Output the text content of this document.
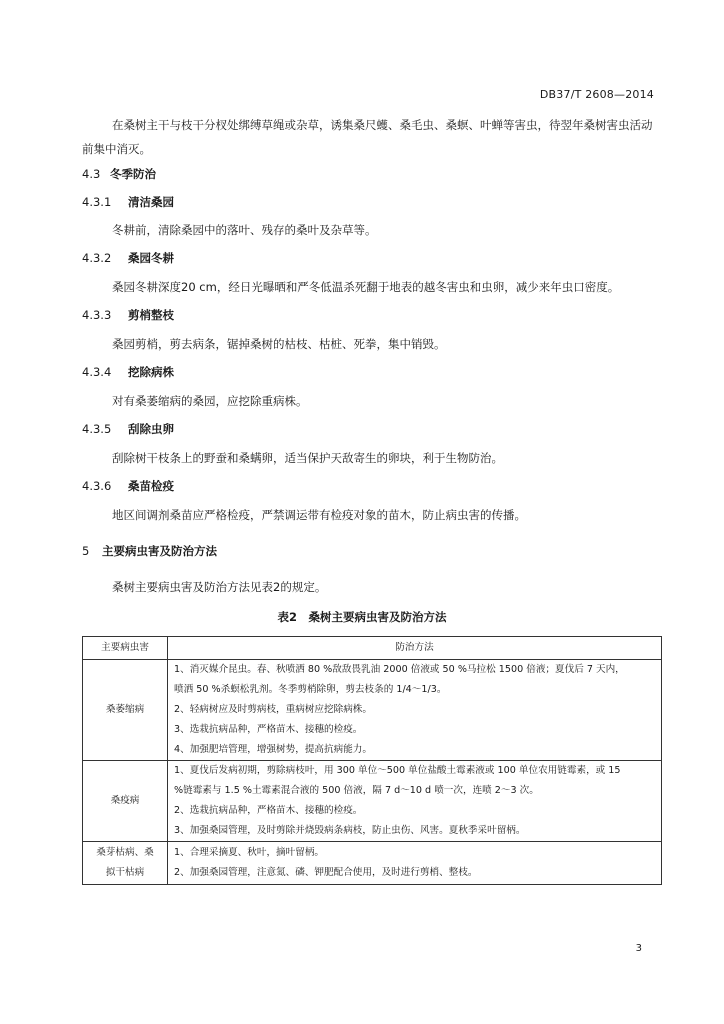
DB37/T 2608—2014
在桑树主干与枝干分杈处绑缚草绳或杂草，诱集桑尺蠖、桑毛虫、桑螟、叶蝉等害虫，待翌年桑树害虫活动前集中消灭。
4.3 冬季防治
4.3.1 清洁桑园
冬耕前，清除桑园中的落叶、残存的桑叶及杂草等。
4.3.2 桑园冬耕
桑园冬耕深度20 cm，经日光曝晒和严冬低温杀死翻于地表的越冬害虫和虫卵，减少来年虫口密度。
4.3.3 剪梢整枝
桑园剪梢，剪去病条，锯掉桑树的枯枝、枯桩、死拳，集中销毁。
4.3.4 挖除病株
对有桑萎缩病的桑园，应挖除重病株。
4.3.5 刮除虫卵
刮除树干枝条上的野蚕和桑螨卵，适当保护天敌寄生的卵块，利于生物防治。
4.3.6 桑苗检疫
地区间调剂桑苗应严格检疫，严禁调运带有检疫对象的苗木，防止病虫害的传播。
5 主要病虫害及防治方法
桑树主要病虫害及防治方法见表2的规定。
表2　桑树主要病虫害及防治方法
主要病虫害	防治方法
桑萎缩病	1、消灭媒介昆虫。春、秋喷洒 80 %敌敌畏乳油 2000 倍液或 50 %马拉松 1500 倍液；夏伐后 7 天内，
喷洒 50 %杀螟松乳剂。冬季剪梢除卵，剪去枝条的 1/4～1/3。
2、轻病树应及时剪病枝，重病树应挖除病株。
3、选栽抗病品种，严格苗木、接穗的检疫。
4、加强肥培管理，增强树势，提高抗病能力。

桑疫病	1、夏伐后发病初期，剪除病枝叶，用 300 单位～500 单位盐酸土霉素液或 100 单位农用链霉素，或 15
%链霉素与 1.5 %土霉素混合液的 500 倍液，隔 7 d～10 d 喷一次，连喷 2～3 次。
2、选栽抗病品种，严格苗木、接穗的检疫。
3、加强桑园管理，及时剪除并烧毁病条病枝，防止虫伤、风害。夏秋季采叶留柄。

桑芽枯病、桑
拟干枯病	1、合理采摘夏、秋叶，摘叶留柄。
2、加强桑园管理，注意氮、磷、钾肥配合使用，及时进行剪梢、整枝。
3
